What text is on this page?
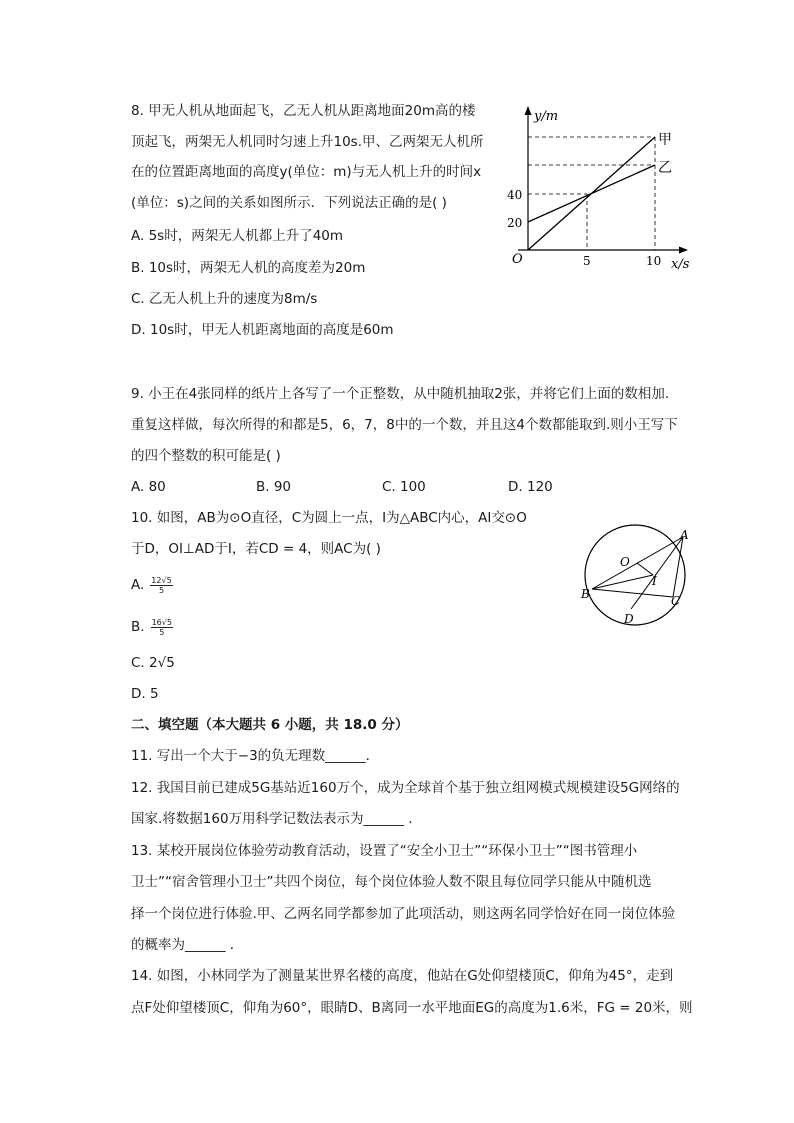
8. 甲无人机从地面起飞，乙无人机从距离地面20m高的楼
顶起飞，两架无人机同时匀速上升10s.甲、乙两架无人机所
在的位置距离地面的高度y(单位：m)与无人机上升的时间x
(单位：s)之间的关系如图所示．下列说法正确的是( )
A. 5s时，两架无人机都上升了40m
B. 10s时，两架无人机的高度差为20m
C. 乙无人机上升的速度为8m/s
D. 10s时，甲无人机距离地面的高度是60m
y/m
x/s
O
40
20
5	10
甲
乙
9. 小王在4张同样的纸片上各写了一个正整数，从中随机抽取2张，并将它们上面的数相加.
重复这样做，每次所得的和都是5，6，7，8中的一个数，并且这4个数都能取到.则小王写下
的四个整数的积可能是( )
A. 80	B. 90	C. 100	D. 120
10. 如图，AB为⊙O直径，C为圆上一点，I为△ABC内心，AI交⊙O
于D，OI⊥AD于I，若CD = 4，则AC为( )
A. $\frac{12√5}{5}$
B. $\frac{16√5}{5}$
C. 2√5
D. 5
A
O
I
B	C
D
二、填空题（本大题共 6 小题，共 18.0 分）
11. 写出一个大于−3的负无理数______．
12. 我国目前已建成5G基站近160万个，成为全球首个基于独立组网模式规模建设5G网络的
国家.将数据160万用科学记数法表示为______ ．
13. 某校开展岗位体验劳动教育活动，设置了“安全小卫士”“环保小卫士”“图书管理小
卫士”“宿舍管理小卫士”共四个岗位，每个岗位体验人数不限且每位同学只能从中随机选
择一个岗位进行体验.甲、乙两名同学都参加了此项活动，则这两名同学恰好在同一岗位体验
的概率为______ ．
14. 如图，小林同学为了测量某世界名楼的高度，他站在G处仰望楼顶C，仰角为45°，走到
点F处仰望楼顶C，仰角为60°，眼睛D、B离同一水平地面EG的高度为1.6米，FG = 20米，则
